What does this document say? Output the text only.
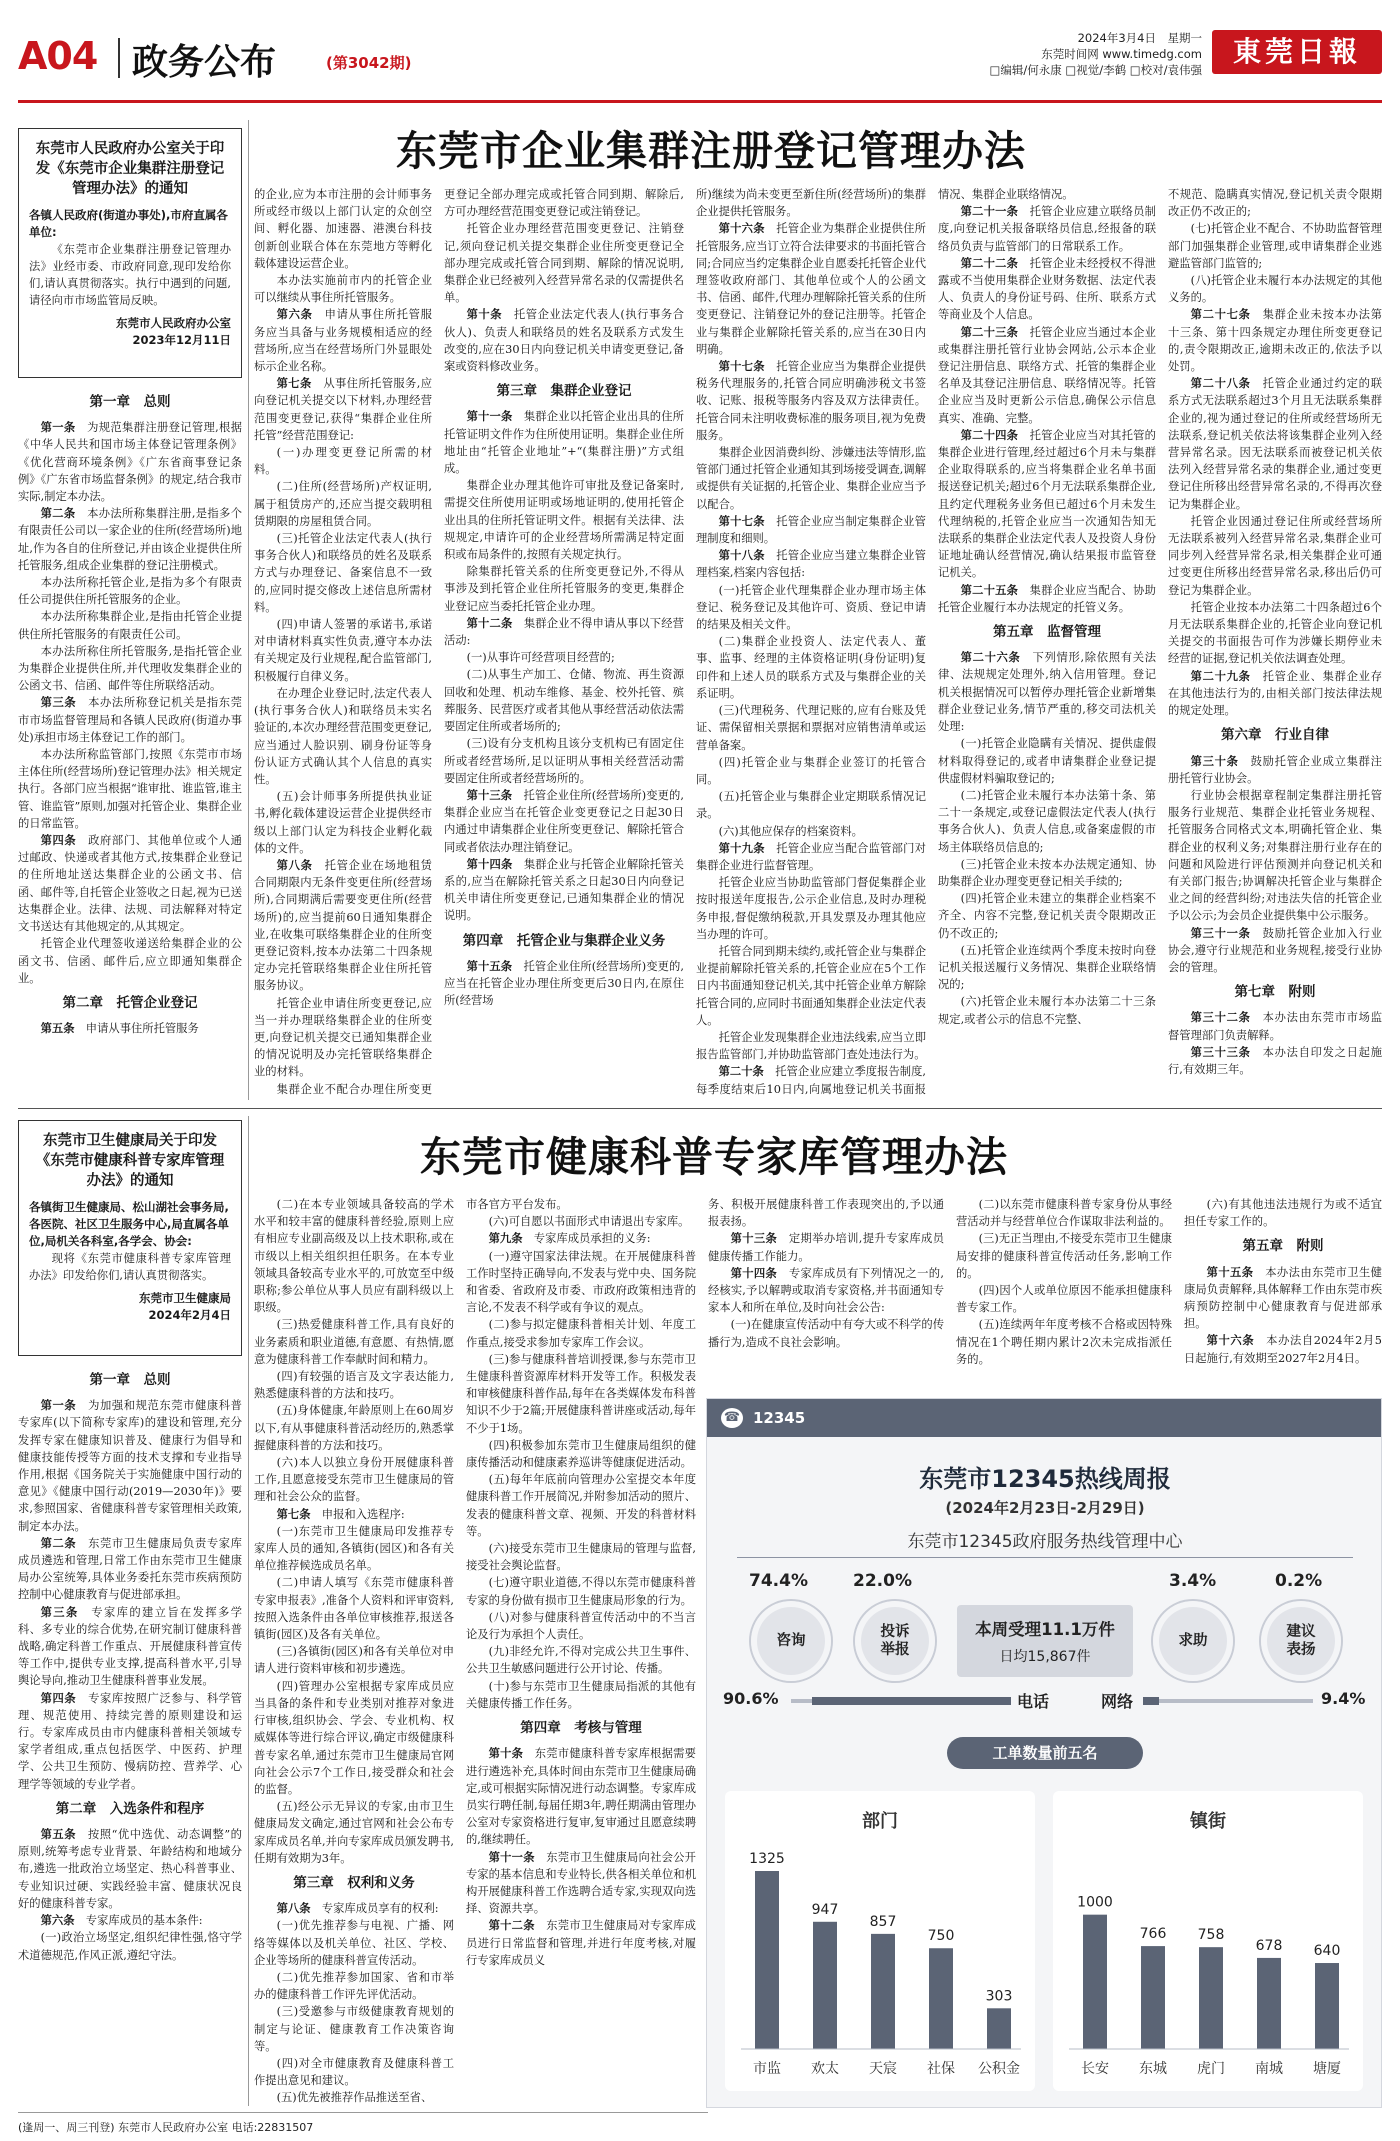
A04 政务公布	(第3042期)
2024年3月4日　星期一
东莞时间网 www.timedg.com
□编辑/何永康 □视觉/李鹤 □校对/袁伟强
東莞日報
东莞市企业集群注册登记管理办法
东莞市人民政府办公室关于印发《东莞市企业集群注册登记管理办法》的通知
各镇人民政府(街道办事处),市府直属各单位:
《东莞市企业集群注册登记管理办法》业经市委、市政府同意,现印发给你们,请认真贯彻落实。执行中遇到的问题,请径向市市场监管局反映。
东莞市人民政府办公室
2023年12月11日

第一章　总则

第一条　为规范集群注册登记管理,根据《中华人民共和国市场主体登记管理条例》《优化营商环境条例》《广东省商事登记条例》《广东省市场监督条例》的规定,结合我市实际,制定本办法。

第二条　本办法所称集群注册,是指多个有限责任公司以一家企业的住所(经营场所)地址,作为各自的住所登记,并由该企业提供住所托管服务,组成企业集群的登记注册模式。

本办法所称托管企业,是指为多个有限责任公司提供住所托管服务的企业。

本办法所称集群企业,是指由托管企业提供住所托管服务的有限责任公司。

本办法所称住所托管服务,是指托管企业为集群企业提供住所,并代理收发集群企业的公函文书、信函、邮件等住所联络活动。

第三条　本办法所称登记机关是指东莞市市场监督管理局和各镇人民政府(街道办事处)承担市场主体登记工作的部门。

本办法所称监管部门,按照《东莞市市场主体住所(经营场所)登记管理办法》相关规定执行。各部门应当根据“谁审批、谁监管,谁主管、谁监管”原则,加强对托管企业、集群企业的日常监管。

第四条　政府部门、其他单位或个人通过邮政、快递或者其他方式,按集群企业登记的住所地址送达集群企业的公函文书、信函、邮件等,自托管企业签收之日起,视为已送达集群企业。法律、法规、司法解释对特定文书送达有其他规定的,从其规定。

托管企业代理签收递送给集群企业的公函文书、信函、邮件后,应立即通知集群企业。

第二章　托管企业登记

第五条　申请从事住所托管服务

的企业,应为本市注册的会计师事务所或经市级以上部门认定的众创空间、孵化器、加速器、港澳台科技创新创业联合体在东莞地方等孵化载体建设运营企业。

本办法实施前市内的托管企业可以继续从事住所托管服务。

第六条　申请从事住所托管服务应当具备与业务规模相适应的经营场所,应当在经营场所门外显眼处标示企业名称。

第七条　从事住所托管服务,应向登记机关提交以下材料,办理经营范围变更登记,获得“集群企业住所托管”经营范围登记:

(一)办理变更登记所需的材料。

(二)住所(经营场所)产权证明,属于租赁房产的,还应当提交载明租赁期限的房屋租赁合同。

(三)托管企业法定代表人(执行事务合伙人)和联络员的姓名及联系方式与办理登记、备案信息不一致的,应同时提交修改上述信息所需材料。

(四)申请人签署的承诺书,承诺对申请材料真实性负责,遵守本办法有关规定及行业规程,配合监管部门,积极履行自律义务。

在办理企业登记时,法定代表人(执行事务合伙人)和联络员未实名验证的,本次办理经营范围变更登记,应当通过人脸识别、刷身份证等身份认证方式确认其个人信息的真实性。

(五)会计师事务所提供执业证书,孵化载体建设运营企业提供经市级以上部门认定为科技企业孵化载体的文件。

第八条　托管企业在场地租赁合同期限内无条件变更住所(经营场所),合同期满后需要变更住所(经营场所)的,应当提前60日通知集群企业,在收集可联络集群企业的住所变更登记资料,按本办法第二十四条规定办完托管联络集群企业住所托管服务协议。

托管企业申请住所变更登记,应当一并办理联络集群企业的住所变更,向登记机关提交已通知集群企业的情况说明及办完托管联络集群企业的材料。

集群企业不配合办理住所变更

更登记全部办理完成或托管合同到期、解除后,方可办理经营范围变更登记或注销登记。

托管企业办理经营范围变更登记、注销登记,须向登记机关提交集群企业住所变更登记全部办理完成或托管合同到期、解除的情况说明,集群企业已经被列入经营异常名录的仅需提供名单。

第十条　托管企业法定代表人(执行事务合伙人)、负责人和联络员的姓名及联系方式发生改变的,应在30日内向登记机关申请变更登记,备案或资料修改业务。

第三章　集群企业登记

第十一条　集群企业以托管企业出具的住所托管证明文件作为住所使用证明。集群企业住所地址由“托管企业地址”+“(集群注册)”方式组成。

集群企业办理其他许可审批及登记备案时,需提交住所使用证明或场地证明的,使用托管企业出具的住所托管证明文件。根据有关法律、法规规定,申请许可的企业经营场所需满足特定面积或布局条件的,按照有关规定执行。

除集群托管关系的住所变更登记外,不得从事涉及到托管企业住所托管服务的变更,集群企业登记应当委托托管企业办理。

第十二条　集群企业不得申请从事以下经营活动:

(一)从事许可经营项目经营的;

(二)从事生产加工、仓储、物流、再生资源回收和处理、机动车维修、基金、校外托管、殡葬服务、民营医疗或者其他从事经营活动依法需要固定住所或者场所的;

(三)设有分支机构且该分支机构已有固定住所或者经营场所,足以证明从事相关经营活动需要固定住所或者经营场所的。

第十三条　托管企业住所(经营场所)变更的,集群企业应当在托管企业变更登记之日起30日内通过申请集群企业住所变更登记、解除托管合同或者依法办理注销登记。

第十四条　集群企业与托管企业解除托管关系的,应当在解除托管关系之日起30日内向登记机关申请住所变更登记,已通知集群企业的情况说明。

第四章　托管企业与集群企业义务

第十五条　托管企业住所(经营场所)变更的,应当在托管企业办理住所变更后30日内,在原住所(经营场

所)继续为尚未变更至新住所(经营场所)的集群企业提供托管服务。

第十六条　托管企业为集群企业提供住所托管服务,应当订立符合法律要求的书面托管合同;合同应当约定集群企业自愿委托托管企业代理签收政府部门、其他单位或个人的公函文书、信函、邮件,代理办理解除托管关系的住所变更登记、注销登记外的登记注册等。托管企业与集群企业解除托管关系的,应当在30日内明确。

第十七条　托管企业应当为集群企业提供税务代理服务的,托管合同应明确涉税文书签收、记账、报税等服务内容及双方法律责任。托管合同未注明收费标准的服务项目,视为免费服务。

集群企业因消费纠纷、涉嫌违法等情形,监管部门通过托管企业通知其到场接受调查,调解或提供有关证据的,托管企业、集群企业应当予以配合。

第十七条　托管企业应当制定集群企业管理制度和细则。

第十八条　托管企业应当建立集群企业管理档案,档案内容包括:

(一)托管企业代理集群企业办理市场主体登记、税务登记及其他许可、资质、登记申请的结果及相关文件。

(二)集群企业投资人、法定代表人、董事、监事、经理的主体资格证明(身份证明)复印件和上述人员的联系方式及与集群企业的关系证明。

(三)代理税务、代理记账的,应有台账及凭证、需保留相关票据和票据对应销售清单或运营单备案。

(四)托管企业与集群企业签订的托管合同。

(五)托管企业与集群企业定期联系情况记录。

(六)其他应保存的档案资料。

第十九条　托管企业应当配合监管部门对集群企业进行监督管理。

托管企业应当协助监管部门督促集群企业按时报送年度报告,公示企业信息,及时办理税务申报,督促缴纳税款,开具发票及办理其他应当办理的许可。

托管合同到期未续约,或托管企业与集群企业提前解除托管关系的,托管企业应在5个工作日内书面通知登记机关,其中托管企业单方解除托管合同的,应同时书面通知集群企业法定代表人。

托管企业发现集群企业违法线索,应当立即报告监管部门,并协助监管部门查处违法行为。

第二十条　托管企业应建立季度报告制度,每季度结束后10日内,向属地登记机关书面报

情况、集群企业联络情况。

第二十一条　托管企业应建立联络员制度,向登记机关报备联络员信息,经报备的联络员负责与监管部门的日常联系工作。

第二十二条　托管企业未经授权不得泄露或不当使用集群企业财务数据、法定代表人、负责人的身份证号码、住所、联系方式等商业及个人信息。

第二十三条　托管企业应当通过本企业或集群注册托管行业协会网站,公示本企业登记注册信息、联络方式、托管的集群企业名单及其登记注册信息、联络情况等。托管企业应当及时更新公示信息,确保公示信息真实、准确、完整。

第二十四条　托管企业应当对其托管的集群企业进行管理,经过超过6个月未与集群企业取得联系的,应当将集群企业名单书面报送登记机关;超过6个月无法联系集群企业,且约定代理税务业务但已超过6个月未发生代理纳税的,托管企业应当一次通知告知无法联系的集群企业法定代表人及投资人身份证地址确认经营情况,确认结果报市监管登记机关。

第二十五条　集群企业应当配合、协助托管企业履行本办法规定的托管义务。

第五章　监督管理

第二十六条　下列情形,除依照有关法律、法规规定处理外,纳入信用管理。登记机关根据情况可以暂停办理托管企业新增集群企业登记业务,情节严重的,移交司法机关处理:

(一)托管企业隐瞒有关情况、提供虚假材料取得登记的,或者申请集群企业登记提供虚假材料骗取登记的;

(二)托管企业未履行本办法第十条、第二十一条规定,或登记虚假法定代表人(执行事务合伙人)、负责人信息,或备案虚假的市场主体联络员信息的;

(三)托管企业未按本办法规定通知、协助集群企业办理变更登记相关手续的;

(四)托管企业未建立的集群企业档案不齐全、内容不完整,登记机关责令限期改正仍不改正的;

(五)托管企业连续两个季度未按时向登记机关报送履行义务情况、集群企业联络情况的;

(六)托管企业未履行本办法第二十三条规定,或者公示的信息不完整、

不规范、隐瞒真实情况,登记机关责令限期改正仍不改正的;

(七)托管企业不配合、不协助监督管理部门加强集群企业管理,或申请集群企业逃避监管部门监管的;

(八)托管企业未履行本办法规定的其他义务的。

第二十七条　集群企业未按本办法第十三条、第十四条规定办理住所变更登记的,责令限期改正,逾期未改正的,依法予以处罚。

第二十八条　托管企业通过约定的联系方式无法联系超过3个月且无法联系集群企业的,视为通过登记的住所或经营场所无法联系,登记机关依法将该集群企业列入经营异常名录。因无法联系而被登记机关依法列入经营异常名录的集群企业,通过变更登记住所移出经营异常名录的,不得再次登记为集群企业。

托管企业因通过登记住所或经营场所无法联系被列入经营异常名录,集群企业可同步列入经营异常名录,相关集群企业可通过变更住所移出经营异常名录,移出后仍可登记为集群企业。

托管企业按本办法第二十四条超过6个月无法联系集群企业的,托管企业向登记机关提交的书面报告可作为涉嫌长期停业未经营的证据,登记机关依法调查处理。

第二十九条　托管企业、集群企业存在其他违法行为的,由相关部门按法律法规的规定处理。

第六章　行业自律

第三十条　鼓励托管企业成立集群注册托管行业协会。

行业协会根据章程制定集群注册托管服务行业规范、集群企业托管业务规程、托管服务合同格式文本,明确托管企业、集群企业的权利义务;对集群注册行业存在的问题和风险进行评估预测并向登记机关和有关部门报告;协调解决托管企业与集群企业之间的经营纠纷;对违法失信的托管企业予以公示;为会员企业提供集中公示服务。

第三十一条　鼓励托管企业加入行业协会,遵守行业规范和业务规程,接受行业协会的管理。

第七章　附则

第三十二条　本办法由东莞市市场监督管理部门负责解释。

第三十三条　本办法自印发之日起施行,有效期三年。

东莞市健康科普专家库管理办法
东莞市卫生健康局关于印发《东莞市健康科普专家库管理办法》的通知
各镇街卫生健康局、松山湖社会事务局,各医院、社区卫生服务中心,局直属各单位,局机关各科室,各学会、协会:
现将《东莞市健康科普专家库管理办法》印发给你们,请认真贯彻落实。
东莞市卫生健康局
2024年2月4日

第一章　总则

第一条　为加强和规范东莞市健康科普专家库(以下简称专家库)的建设和管理,充分发挥专家在健康知识普及、健康行为倡导和健康技能传授等方面的技术支撑和专业指导作用,根据《国务院关于实施健康中国行动的意见》《健康中国行动(2019—2030年)》要求,参照国家、省健康科普专家管理相关政策,制定本办法。

第二条　东莞市卫生健康局负责专家库成员遴选和管理,日常工作由东莞市卫生健康局办公室统筹,具体业务委托东莞市疾病预防控制中心健康教育与促进部承担。

第三条　专家库的建立旨在发挥多学科、多专业的综合优势,在研究制订健康科普战略,确定科普工作重点、开展健康科普宣传等工作中,提供专业支撑,提高科普水平,引导舆论导向,推动卫生健康科普事业发展。

第四条　专家库按照广泛参与、科学管理、规范使用、持续完善的原则建设和运行。专家库成员由市内健康科普相关领域专家学者组成,重点包括医学、中医药、护理学、公共卫生预防、慢病防控、营养学、心理学等领域的专业学者。

第二章　入选条件和程序

第五条　按照“优中选优、动态调整”的原则,统筹考虑专业背景、年龄结构和地域分布,遴选一批政治立场坚定、热心科普事业、专业知识过硬、实践经验丰富、健康状况良好的健康科普专家。

第六条　专家库成员的基本条件:

(一)政治立场坚定,组织纪律性强,恪守学术道德规范,作风正派,遵纪守法。

(二)在本专业领域具备较高的学术水平和较丰富的健康科普经验,原则上应有相应专业副高级及以上技术职称,或在市级以上相关组织担任职务。在本专业领域具备较高专业水平的,可放宽至中级职称;参公单位从事人员应有副科级以上职级。

(三)热爱健康科普工作,具有良好的业务素质和职业道德,有意愿、有热情,愿意为健康科普工作奉献时间和精力。

(四)有较强的语言及文字表达能力,熟悉健康科普的方法和技巧。

(五)身体健康,年龄原则上在60周岁以下,有从事健康科普活动经历的,熟悉掌握健康科普的方法和技巧。

(六)本人以独立身份开展健康科普工作,且愿意接受东莞市卫生健康局的管理和社会公众的监督。

第七条　申报和入选程序:

(一)东莞市卫生健康局印发推荐专家库人员的通知,各镇街(园区)和各有关单位推荐候选成员名单。

(二)申请人填写《东莞市健康科普专家申报表》,准备个人资料和评审资料,按照入选条件由各单位审核推荐,报送各镇街(园区)及各有关单位。

(三)各镇街(园区)和各有关单位对申请人进行资料审核和初步遴选。

(四)管理办公室根据专家库成员应当具备的条件和专业类别对推荐对象进行审核,组织协会、学会、专业机构、权威媒体等进行综合评议,确定市级健康科普专家名单,通过东莞市卫生健康局官网向社会公示7个工作日,接受群众和社会的监督。

(五)经公示无异议的专家,由市卫生健康局发文确定,通过官网和社会公布专家库成员名单,并向专家库成员颁发聘书,任期有效期为3年。

第三章　权利和义务

第八条　专家库成员享有的权利:

(一)优先推荐参与电视、广播、网络等媒体以及机关单位、社区、学校、企业等场所的健康科普宣传活动。

(二)优先推荐参加国家、省和市举办的健康科普工作评先评优活动。

(三)受邀参与市级健康教育规划的制定与论证、健康教育工作决策咨询等。

(四)对全市健康教育及健康科普工作提出意见和建议。

(五)优先被推荐作品推送至省、

市各官方平台发布。

(六)可自愿以书面形式申请退出专家库。

第九条　专家库成员承担的义务:

(一)遵守国家法律法规。在开展健康科普工作时坚持正确导向,不发表与党中央、国务院和省委、省政府及市委、市政府政策相违背的言论,不发表不科学或有争议的观点。

(二)参与拟定健康科普相关计划、年度工作重点,接受求参加专家库工作会议。

(三)参与健康科普培训授课,参与东莞市卫生健康科普资源库材料开发等工作。积极发表和审核健康科普作品,每年在各类媒体发布科普知识不少于2篇;开展健康科普讲座或活动,每年不少于1场。

(四)积极参加东莞市卫生健康局组织的健康传播活动和健康素养巡讲等健康促进活动。

(五)每年年底前向管理办公室提交本年度健康科普工作开展简况,并附参加活动的照片、发表的健康科普文章、视频、开发的科普材料等。

(六)接受东莞市卫生健康局的管理与监督,接受社会舆论监督。

(七)遵守职业道德,不得以东莞市健康科普专家的身份做有损市卫生健康局形象的行为。

(八)对参与健康科普宣传活动中的不当言论及行为承担个人责任。

(九)非经允许,不得对完成公共卫生事件、公共卫生敏感问题进行公开讨论、传播。

(十)参与东莞市卫生健康局指派的其他有关健康传播工作任务。

第四章　考核与管理

第十条　东莞市健康科普专家库根据需要进行遴选补充,具体时间由东莞市卫生健康局确定,或可根据实际情况进行动态调整。专家库成员实行聘任制,每届任期3年,聘任期满由管理办公室对专家资格进行复审,复审通过且愿意续聘的,继续聘任。

第十一条　东莞市卫生健康局向社会公开专家的基本信息和专业特长,供各相关单位和机构开展健康科普工作选聘合适专家,实现双向选择、资源共享。

第十二条　东莞市卫生健康局对专家库成员进行日常监督和管理,并进行年度考核,对履行专家库成员义

务、积极开展健康科普工作表现突出的,予以通报表扬。

第十三条　定期举办培训,提升专家库成员健康传播工作能力。

第十四条　专家库成员有下列情况之一的,经核实,予以解聘或取消专家资格,并书面通知专家本人和所在单位,及时向社会公告:

(一)在健康宣传活动中有夸大或不科学的传播行为,造成不良社会影响。

(二)以东莞市健康科普专家身份从事经营活动并与经营单位合作谋取非法利益的。

(三)无正当理由,不接受东莞市卫生健康局安排的健康科普宣传活动任务,影响工作的。

(四)因个人或单位原因不能承担健康科普专家工作。

(五)连续两年年度考核不合格或因特殊情况在1个聘任期内累计2次未完成指派任务的。

(六)有其他违法违规行为或不适宜担任专家工作的。

第五章　附则

第十五条　本办法由东莞市卫生健康局负责解释,具体解释工作由东莞市疾病预防控制中心健康教育与促进部承担。

第十六条　本办法自2024年2月5日起施行,有效期至2027年2月4日。

☎ 12345
东莞市12345热线周报
(2024年2月23日-2月29日)
东莞市12345政府服务热线管理中心
74.4%	22.0%	3.4%	0.2%
咨询
投诉
举报
求助
建议
表扬
本周受理11.1万件
日均15,867件
90.6%	电话	网络	9.4%
工单数量前五名
部门
1325
市监
947
欢太
857
天宸
750
社保
303
公积金
镇街
1000
长安
766
东城
758
虎门
678
南城
640
塘厦
(逢周一、周三刊登) 东莞市人民政府办公室 电话:22831507
